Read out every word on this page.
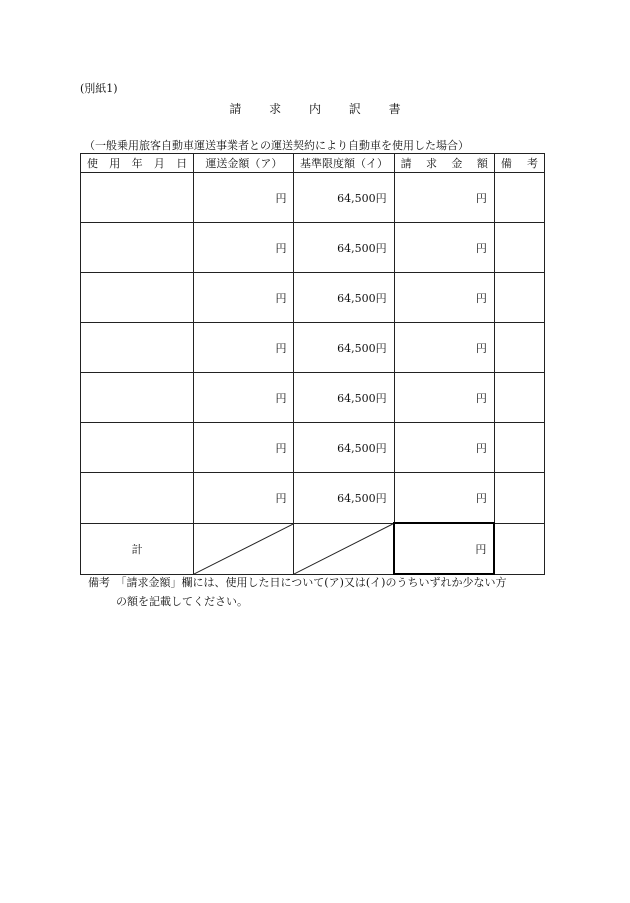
(別紙1)
請 求 内 訳 書
（一般乗用旅客自動車運送事業者との運送契約により自動車を使用した場合）
使 用 年 月 日	運送金額（ア）	基準限度額（イ）	請 求 金 額	備 考

	円	64,500円	円	
	円	64,500円	円	
	円	64,500円	円	
	円	64,500円	円	
	円	64,500円	円	
	円	64,500円	円	
	円	64,500円	円	
計			円	
備考　「請求金額」欄には、使用した日について(ア)又は(イ)のうちいずれか少ない方
の額を記載してください。
